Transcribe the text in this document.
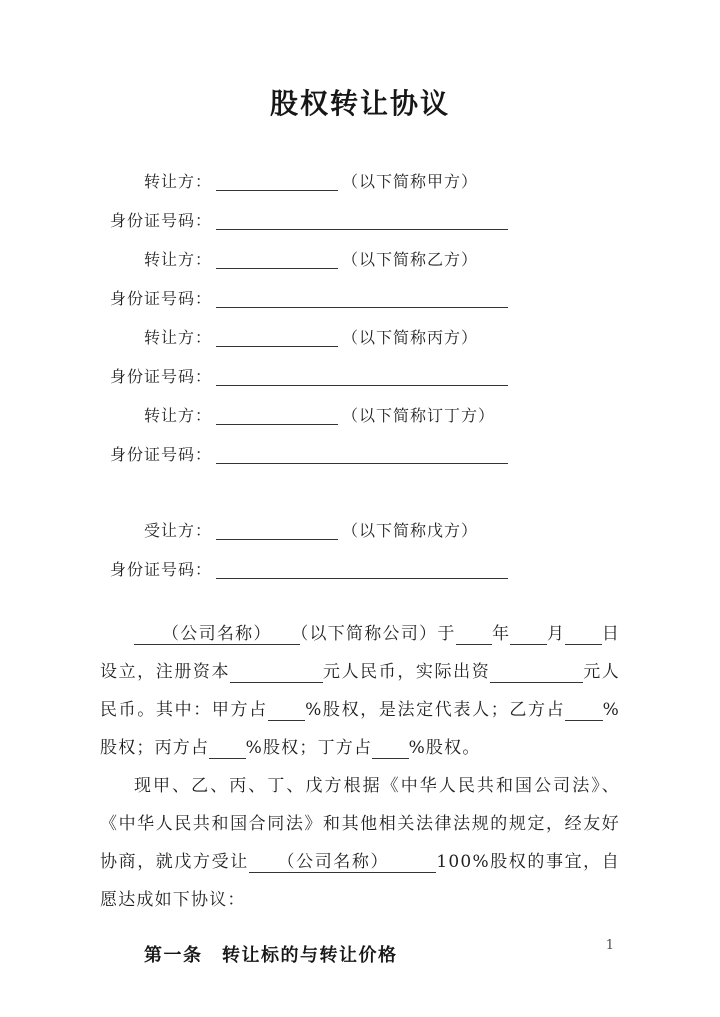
股权转让协议
转让方：	（以下简称甲方）
身份证号码：
转让方：	（以下简称乙方）
身份证号码：
转让方：	（以下简称丙方）
身份证号码：
转让方：	（以下简称订丁方）
身份证号码：
受让方：	（以下简称戊方）
身份证号码：

　　（公司名称）　　（以下简称公司）于　　 年　　 月　　 日设立，注册资本　　　　　	元人民币，实际出资　　　　　	元人民币。其中：甲方占　　 %股权，是法定代表人；乙方占　　 %股权；丙方占　　 %股权；丁方占　　 %股权。

现甲、乙、丙、丁、戊方根据《中华人民共和国公司法》、《中华人民共和国合同法》和其他相关法律法规的规定，经友好协商，就戊方受让　　（公司名称）　　　100%股权的事宜，自愿达成如下协议：

第一条　转让标的与转让价格	1
